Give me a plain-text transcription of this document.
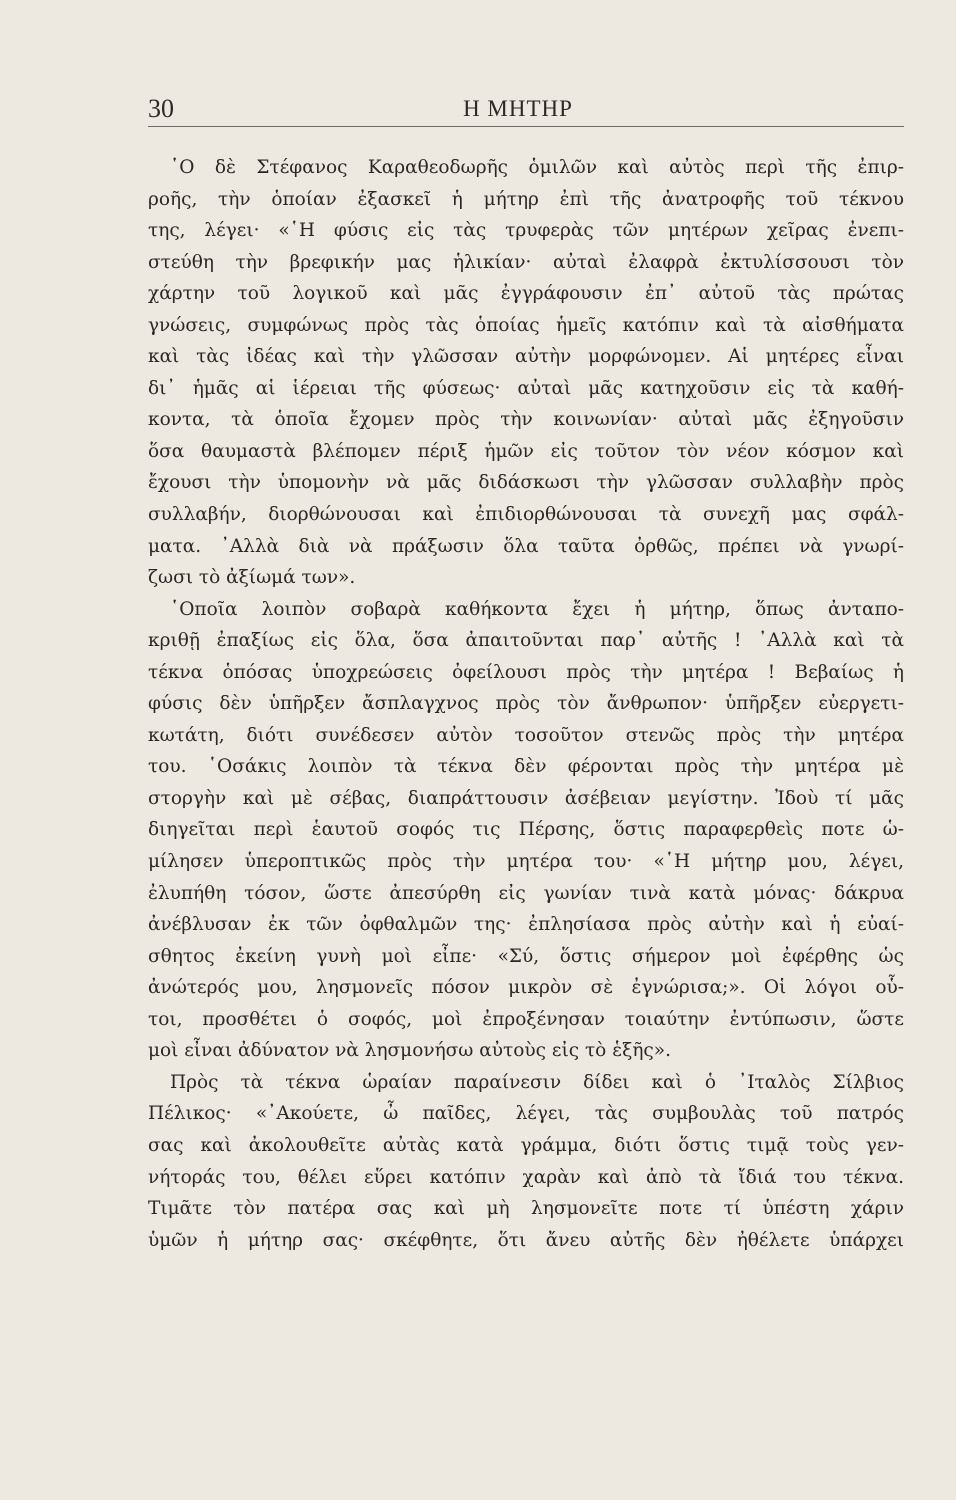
30	Η ΜΗΤΗΡ
῾Ο δὲ Στέφανος Καραθεοδωρῆς ὁμιλῶν καὶ αὐτὸς περὶ τῆς ἐπιρ-
ροῆς, τὴν ὁποίαν ἐξασκεῖ ἡ μήτηρ ἐπὶ τῆς ἀνατροφῆς τοῦ τέκνου
της, λέγει· «῾Η φύσις εἰς τὰς τρυφερὰς τῶν μητέρων χεῖρας ἐνεπι-
στεύθη τὴν βρεφικήν μας ἡλικίαν· αὐταὶ ἐλαφρὰ ἐκτυλίσσουσι τὸν
χάρτην τοῦ λογικοῦ καὶ μᾶς ἐγγράφουσιν ἐπ᾽ αὐτοῦ τὰς πρώτας
γνώσεις, συμφώνως πρὸς τὰς ὁποίας ἡμεῖς κατόπιν καὶ τὰ αἰσθήματα
καὶ τὰς ἰδέας καὶ τὴν γλῶσσαν αὐτὴν μορφώνομεν. Αἱ μητέρες εἶναι
δι᾽ ἡμᾶς αἱ ἱέρειαι τῆς φύσεως· αὐταὶ μᾶς κατηχοῦσιν εἰς τὰ καθή-
κοντα, τὰ ὁποῖα ἔχομεν πρὸς τὴν κοινωνίαν· αὐταὶ μᾶς ἐξηγοῦσιν
ὅσα θαυμαστὰ βλέπομεν πέριξ ἡμῶν εἰς τοῦτον τὸν νέον κόσμον καὶ
ἔχουσι τὴν ὑπομονὴν νὰ μᾶς διδάσκωσι τὴν γλῶσσαν συλλαβὴν πρὸς
συλλαβήν, διορθώνουσαι καὶ ἐπιδιορθώνουσαι τὰ συνεχῆ μας σφάλ-
ματα. ᾽Αλλὰ διὰ νὰ πράξωσιν ὅλα ταῦτα ὀρθῶς, πρέπει νὰ γνωρί-
ζωσι τὸ ἀξίωμά των».
῾Οποῖα λοιπὸν σοβαρὰ καθήκοντα ἔχει ἡ μήτηρ, ὅπως ἀνταπο-
κριθῇ ἐπαξίως εἰς ὅλα, ὅσα ἀπαιτοῦνται παρ᾽ αὐτῆς ! ᾽Αλλὰ καὶ τὰ
τέκνα ὁπόσας ὑποχρεώσεις ὀφείλουσι πρὸς τὴν μητέρα ! Βεβαίως ἡ
φύσις δὲν ὑπῆρξεν ἄσπλαγχνος πρὸς τὸν ἄνθρωπον· ὑπῆρξεν εὐεργετι-
κωτάτη, διότι συνέδεσεν αὐτὸν τοσοῦτον στενῶς πρὸς τὴν μητέρα
του. ῾Οσάκις λοιπὸν τὰ τέκνα δὲν φέρονται πρὸς τὴν μητέρα μὲ
στοργὴν καὶ μὲ σέβας, διαπράττουσιν ἀσέβειαν μεγίστην. Ἰδοὺ τί μᾶς
διηγεῖται περὶ ἑαυτοῦ σοφός τις Πέρσης, ὅστις παραφερθεὶς ποτε ὡ-
μίλησεν ὑπεροπτικῶς πρὸς τὴν μητέρα του· «῾Η μήτηρ μου, λέγει,
ἐλυπήθη τόσον, ὥστε ἀπεσύρθη εἰς γωνίαν τινὰ κατὰ μόνας· δάκρυα
ἀνέβλυσαν ἐκ τῶν ὀφθαλμῶν της· ἐπλησίασα πρὸς αὐτὴν καὶ ἡ εὐαί-
σθητος ἐκείνη γυνὴ μοὶ εἶπε· «Σύ, ὅστις σήμερον μοὶ ἐφέρθης ὡς
ἀνώτερός μου, λησμονεῖς πόσον μικρὸν σὲ ἐγνώρισα;». Οἱ λόγοι οὗ-
τοι, προσθέτει ὁ σοφός, μοὶ ἐπροξένησαν τοιαύτην ἐντύπωσιν, ὥστε
μοὶ εἶναι ἀδύνατον νὰ λησμονήσω αὐτοὺς εἰς τὸ ἑξῆς».
Πρὸς τὰ τέκνα ὡραίαν παραίνεσιν δίδει καὶ ὁ ᾽Ιταλὸς Σίλβιος
Πέλικος· «᾽Ακούετε, ὦ παῖδες, λέγει, τὰς συμβουλὰς τοῦ πατρός
σας καὶ ἀκολουθεῖτε αὐτὰς κατὰ γράμμα, διότι ὅστις τιμᾷ τοὺς γεν-
νήτοράς του, θέλει εὕρει κατόπιν χαρὰν καὶ ἀπὸ τὰ ἴδιά του τέκνα.
Τιμᾶτε τὸν πατέρα σας καὶ μὴ λησμονεῖτε ποτε τί ὑπέστη χάριν
ὑμῶν ἡ μήτηρ σας· σκέφθητε, ὅτι ἄνευ αὐτῆς δὲν ἠθέλετε ὑπάρχει
